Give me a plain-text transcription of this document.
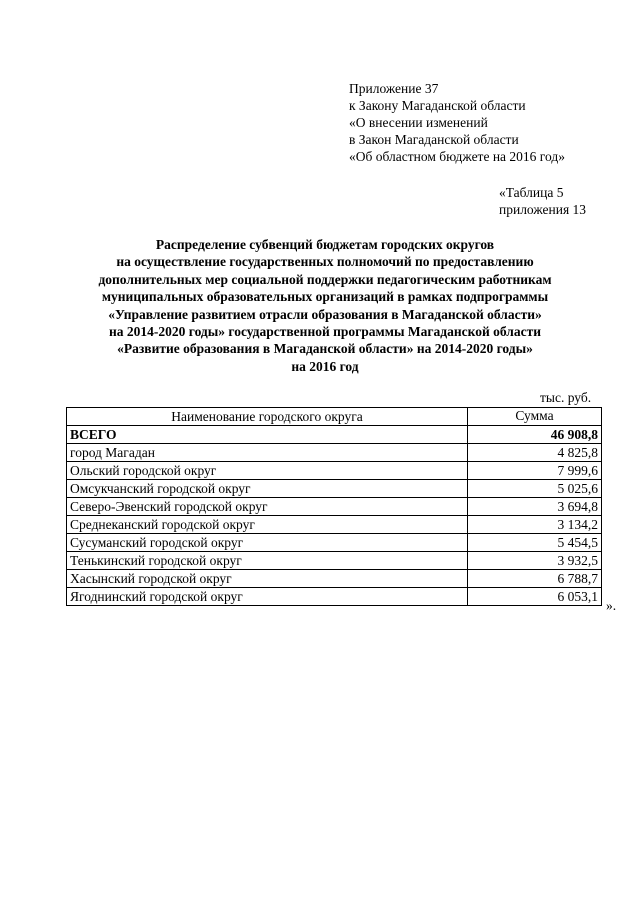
Приложение 37
к Закону Магаданской области
«О внесении изменений
в Закон Магаданской области
«Об областном бюджете на 2016 год»
«Таблица 5
приложения 13
Распределение субвенций бюджетам городских округов
на осуществление государственных полномочий по предоставлению
дополнительных мер социальной поддержки педагогическим работникам
муниципальных образовательных организаций в рамках подпрограммы
«Управление развитием отрасли образования в Магаданской области»
на 2014-2020 годы» государственной программы Магаданской области
«Развитие образования в Магаданской области» на 2014-2020 годы»
на 2016 год
тыс. руб.
Наименование городского округа	Сумма
ВСЕГО	46 908,8
город Магадан	4 825,8
Ольский городской округ	7 999,6
Омсукчанский городской округ	5 025,6
Северо-Эвенский городской округ	3 694,8
Среднеканский городской округ	3 134,2
Сусуманский городской округ	5 454,5
Тенькинский городской округ	3 932,5
Хасынский городской округ	6 788,7
Ягоднинский городской округ	6 053,1
».
